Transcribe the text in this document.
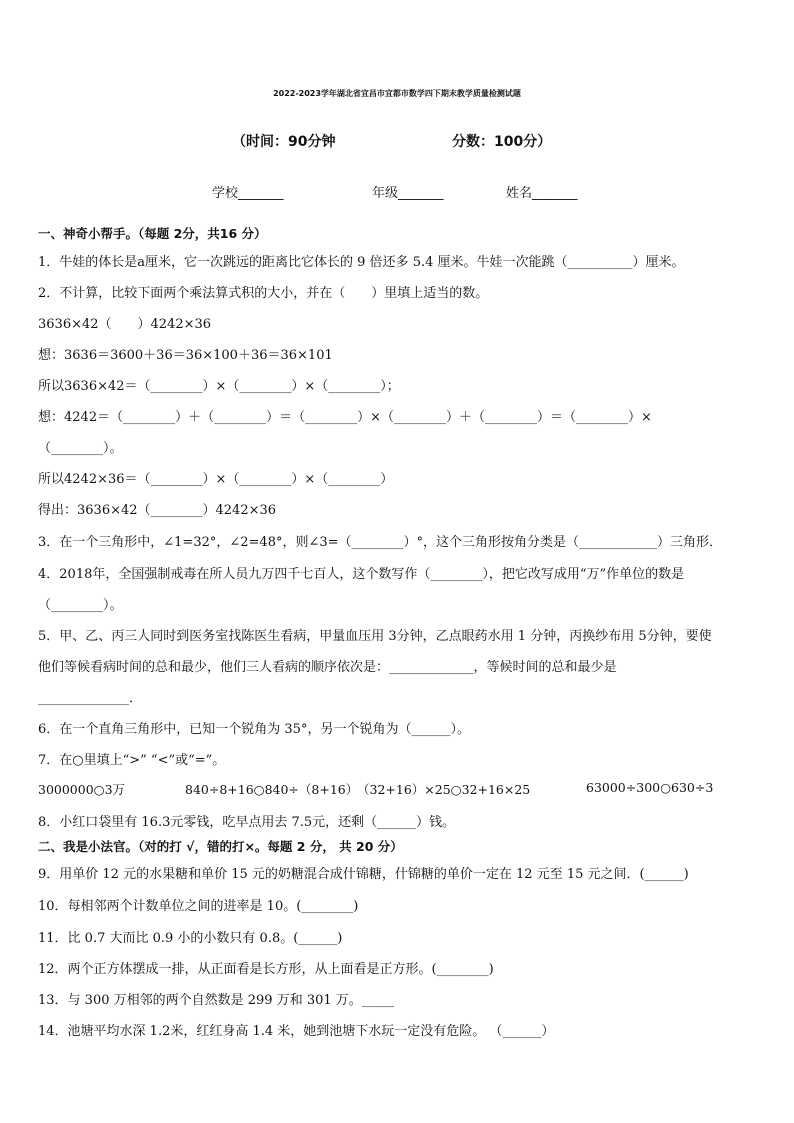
2022-2023学年湖北省宜昌市宜都市数学四下期末教学质量检测试题
（时间：90分钟	分数：100分）
学校_______	年级_______	姓名_______
一、神奇小帮手。（每题 2分，共16 分）
1．牛娃的体长是a厘米，它一次跳远的距离比它体长的 9 倍还多 5.4 厘米。牛娃一次能跳（__________）厘米。
2．不计算，比较下面两个乘法算式积的大小，并在（　　）里填上适当的数。
3636×42（　　）4242×36
想：3636＝3600＋36＝36×100＋36＝36×101
所以3636×42＝（________）×（________）×（________）；
想：4242＝（________）＋（________）＝（________）×（________）＋（________）＝（________）×
（________）。
所以4242×36＝（________）×（________）×（________）
得出：3636×42（________）4242×36
3．在一个三角形中，∠1=32°，∠2=48°，则∠3=（________）°，这个三角形按角分类是（____________）三角形．
4．2018年，全国强制戒毒在所人员九万四千七百人，这个数写作（________），把它改写成用“万”作单位的数是
（________）。
5．甲、乙、丙三人同时到医务室找陈医生看病，甲量血压用 3分钟，乙点眼药水用 1 分钟，丙换纱布用 5分钟，要使
他们等候看病时间的总和最少，他们三人看病的顺序依次是：_____________，等候时间的总和最少是
______________．
6．在一个直角三角形中，已知一个锐角为 35°，另一个锐角为（______）。
7．在○里填上“>” “<”或“=”。
3000000○3万	840÷8+16○840÷（8+16）
（32+16）×25○32+16×25	63000÷300○630÷3
8．小红口袋里有 16.3元零钱，吃早点用去 7.5元，还剩（______）钱。
二、我是小法官。（对的打 √，错的打×。每题 2 分， 共 20 分）
9．用单价 12 元的水果糖和单价 15 元的奶糖混合成什锦糖，什锦糖的单价一定在 12 元至 15 元之间．(______)
10．每相邻两个计数单位之间的进率是 10。(________)
11．比 0.7 大而比 0.9 小的小数只有 0.8。(______)
12．两个正方体摆成一排，从正面看是长方形，从上面看是正方形。(________)
13．与 300 万相邻的两个自然数是 299 万和 301 万。_____
14．池塘平均水深 1.2米，红红身高 1.4 米，她到池塘下水玩一定没有危险。 （______）
